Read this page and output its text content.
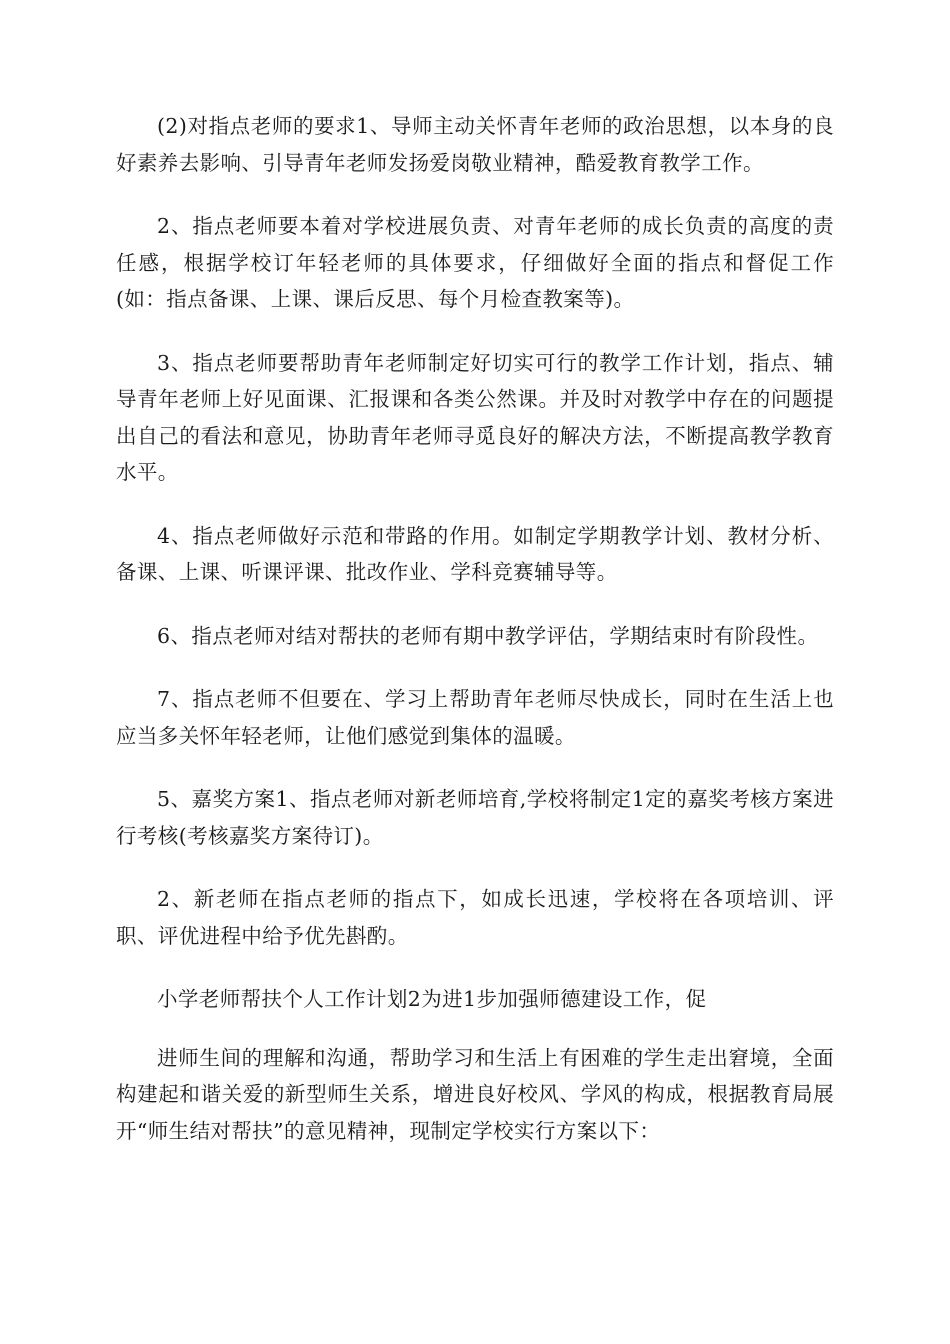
(2)对指点老师的要求1、导师主动关怀青年老师的政治思想，以本身的良好素养去影响、引导青年老师发扬爱岗敬业精神，酷爱教育教学工作。

2、指点老师要本着对学校进展负责、对青年老师的成长负责的高度的责任感，根据学校订年轻老师的具体要求，仔细做好全面的指点和督促工作(如：指点备课、上课、课后反思、每个月检查教案等)。

3、指点老师要帮助青年老师制定好切实可行的教学工作计划，指点、辅导青年老师上好见面课、汇报课和各类公然课。并及时对教学中存在的问题提出自己的看法和意见，协助青年老师寻觅良好的解决方法，不断提高教学教育水平。

4、指点老师做好示范和带路的作用。如制定学期教学计划、教材分析、备课、上课、听课评课、批改作业、学科竞赛辅导等。

6、指点老师对结对帮扶的老师有期中教学评估，学期结束时有阶段性。

7、指点老师不但要在、学习上帮助青年老师尽快成长，同时在生活上也应当多关怀年轻老师，让他们感觉到集体的温暖。

5、嘉奖方案1、指点老师对新老师培育,学校将制定1定的嘉奖考核方案进行考核(考核嘉奖方案待订)。

2、新老师在指点老师的指点下，如成长迅速，学校将在各项培训、评职、评优进程中给予优先斟酌。

小学老师帮扶个人工作计划2为进1步加强师德建设工作，促

进师生间的理解和沟通，帮助学习和生活上有困难的学生走出窘境，全面构建起和谐关爱的新型师生关系，增进良好校风、学风的构成，根据教育局展开“师生结对帮扶”的意见精神，现制定学校实行方案以下：
